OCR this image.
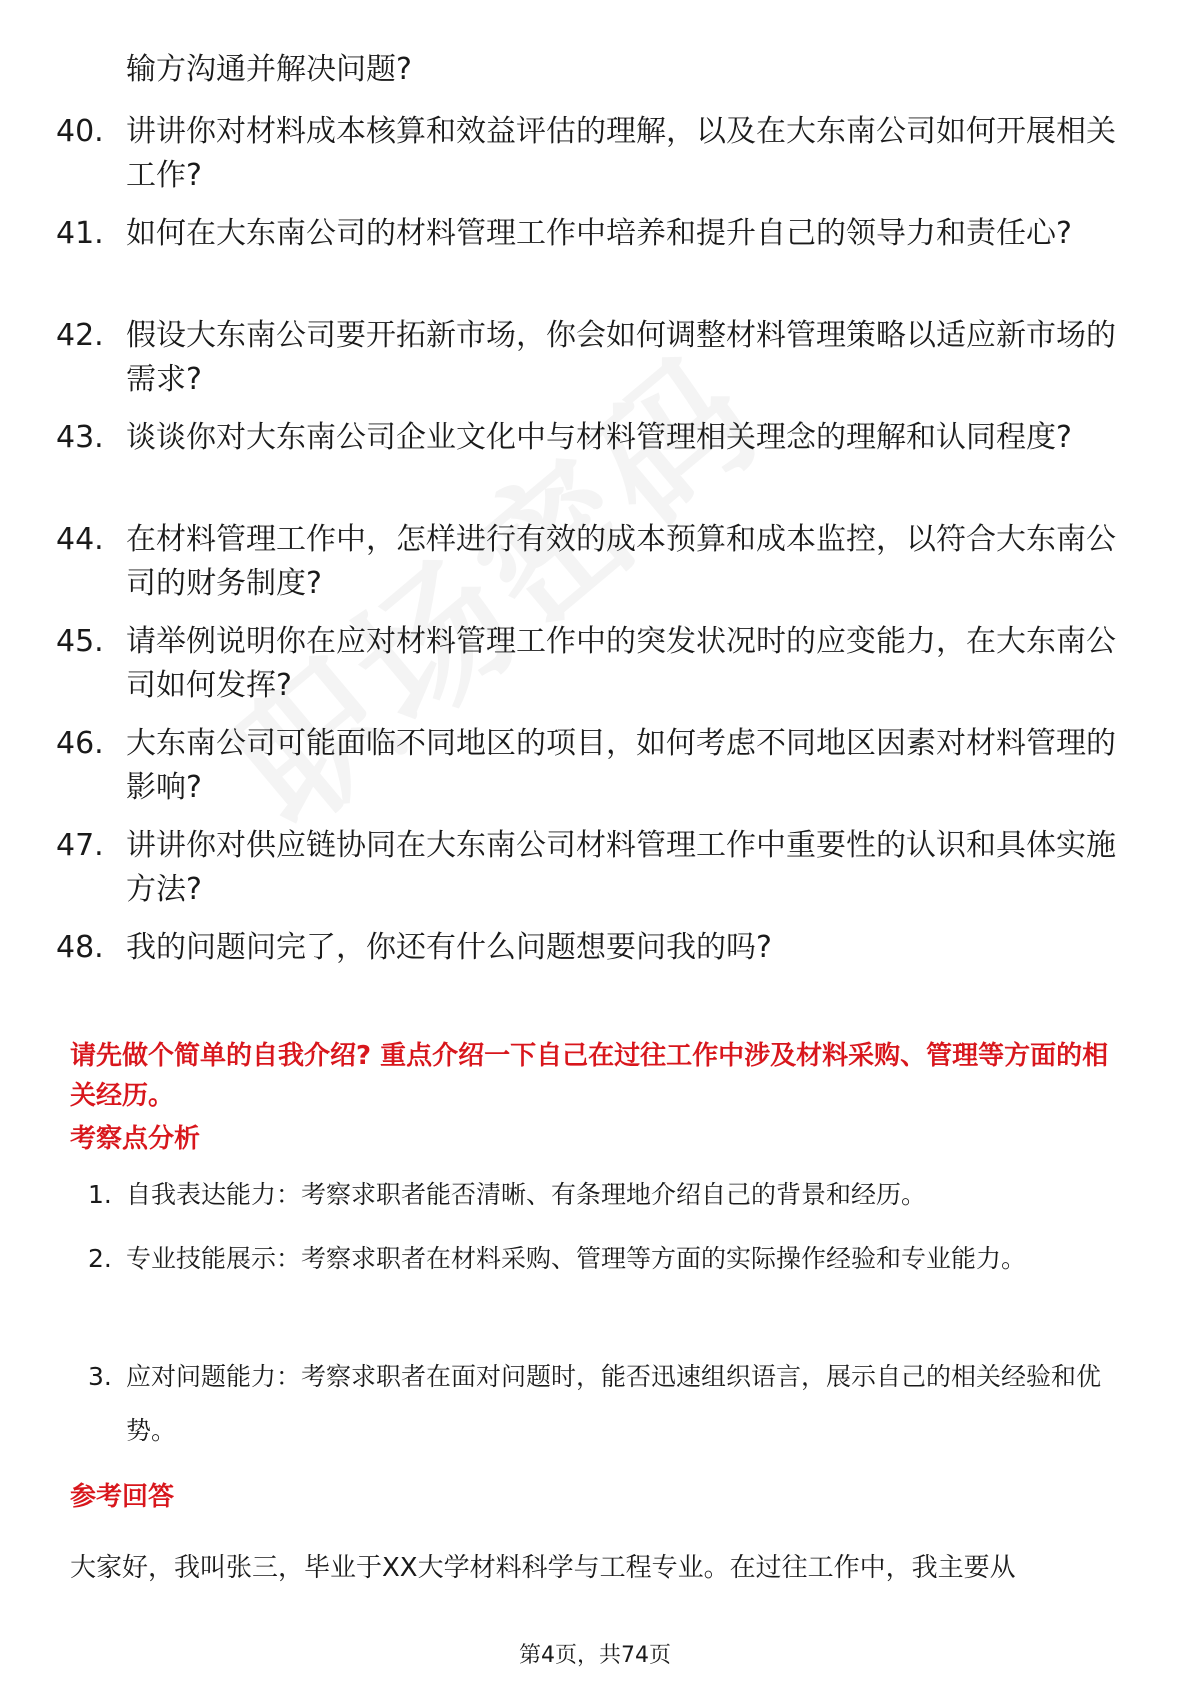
输方沟通并解决问题?
40. 讲讲你对材料成本核算和效益评估的理解，以及在大东南公司如何开展相关工作?
41. 如何在大东南公司的材料管理工作中培养和提升自己的领导力和责任心?
42. 假设大东南公司要开拓新市场，你会如何调整材料管理策略以适应新市场的需求?
43. 谈谈你对大东南公司企业文化中与材料管理相关理念的理解和认同程度?
44. 在材料管理工作中，怎样进行有效的成本预算和成本监控，以符合大东南公司的财务制度?
45. 请举例说明你在应对材料管理工作中的突发状况时的应变能力，在大东南公司如何发挥?
46. 大东南公司可能面临不同地区的项目，如何考虑不同地区因素对材料管理的影响?
47. 讲讲你对供应链协同在大东南公司材料管理工作中重要性的认识和具体实施方法?
48. 我的问题问完了，你还有什么问题想要问我的吗?
请先做个简单的自我介绍? 重点介绍一下自己在过往工作中涉及材料采购、管理等方面的相关经历。
考察点分析
1. 自我表达能力：考察求职者能否清晰、有条理地介绍自己的背景和经历。
2. 专业技能展示：考察求职者在材料采购、管理等方面的实际操作经验和专业能力。
3. 应对问题能力：考察求职者在面对问题时，能否迅速组织语言，展示自己的相关经验和优势。
参考回答
大家好，我叫张三，毕业于XX大学材料科学与工程专业。在过往工作中，我主要从
第4页，共74页
